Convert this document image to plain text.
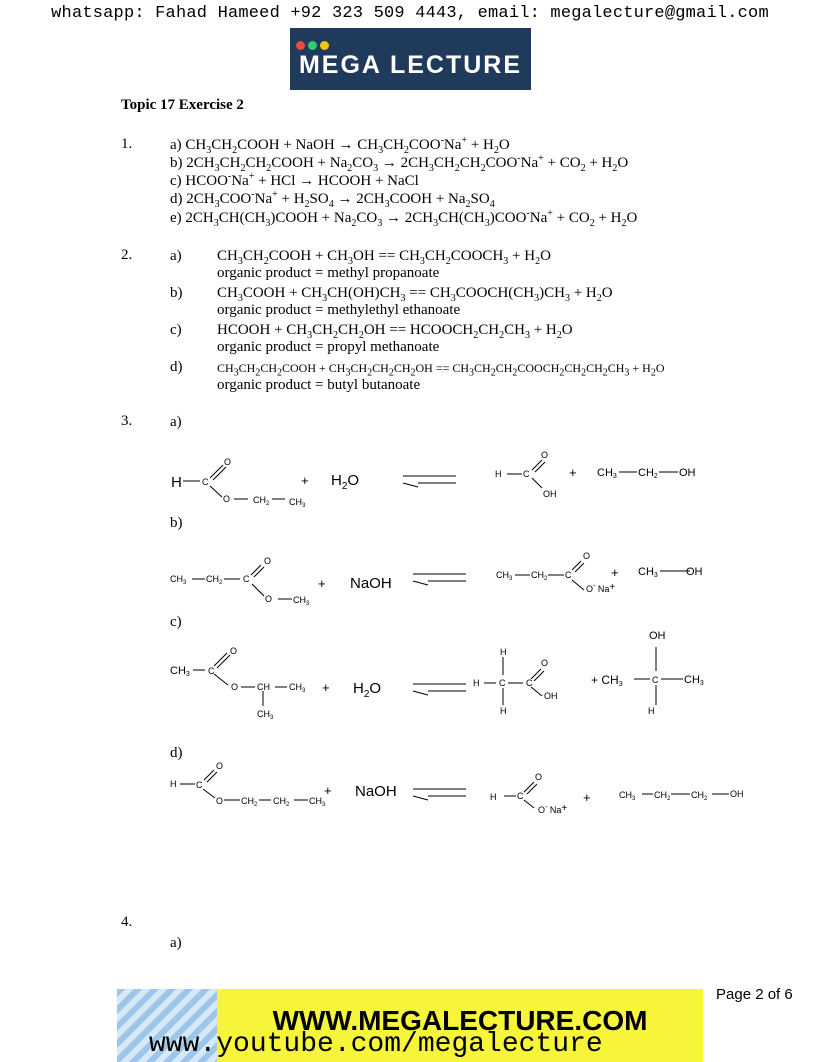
whatsapp: Fahad Hameed +92 323 509 4443, email: megalecture@gmail.com
MEGA LECTURE
Topic 17 Exercise 2
1.	a) $CH_3CH_2COOH$ + NaOH → $CH_3CH_2COO^-Na^+ + H_2O$
b) $2CH_3CH_2CH_2COOH + Na_2CO_3 \to 2CH_3CH_2CH_2COO^-Na^+ + CO_2 + H_2O$
c) HCOO-Na+ + HCl → HCOOH + NaCl
d) $2CH_3COO^-Na^+ + H_2SO_4$ → $2CH_3COOH + Na_2SO_4$
e) $2CH_3CH(CH_3)COOH + Na_2CO_3 \to 2CH_3CH(CH_3)COO^-Na^+ + CO_2 + H_2O$
2.	a) $CH_3CH_2COOH + CH_3OH$ == $CH_3CH_2COOCH_3 + H_2O$
organic product = methyl propanoate
b) $CH_3COOH + CH_3CH(OH)CH_3$ == $CH_3COOCH(CH_3)CH_3 + H_2O$
organic product = methylethyl ethanoate
c) HCOOH + $CH_3CH_2CH_2OH$ == $HCOOCH_2CH_2CH_3 + H_2O$
organic product = propyl methanoate
d)	$CH_3CH_2CH_2COOH + CH_3CH_2CH_2CH_2OH$ == $CH_3CH_2CH_2COOCH_2CH_2CH_2CH_3 + H_2O$
organic product = butyl butanoate
3.	a)
H C
O
O	$CH_2$ $CH_3$
+ $H_2O$	H C
O
OH
+ CH3 CH2 OH
b)
$CH_3$ $CH_2$ C
O
O $CH_3$
+ NaOH	$CH_3$ $CH_2$ C
O
O- Na+
+ CH3	OH
c)
CH3 C
O
O CH $CH_3$
$CH_3$
+ $H_2O$	H
H
C
H
C
O
OH
+ CH3
OH
C
H
CH3
d)
H C
O
O $CH_2$ $CH_2$ $CH_3$
+ NaOH	H C
O
O- Na+
+	$CH_3$ $CH_2$ $CH_2$	OH
4.
a)
WWW.MEGALECTURE.COM
www.youtube.com/megalecture
Page 2 of 6
